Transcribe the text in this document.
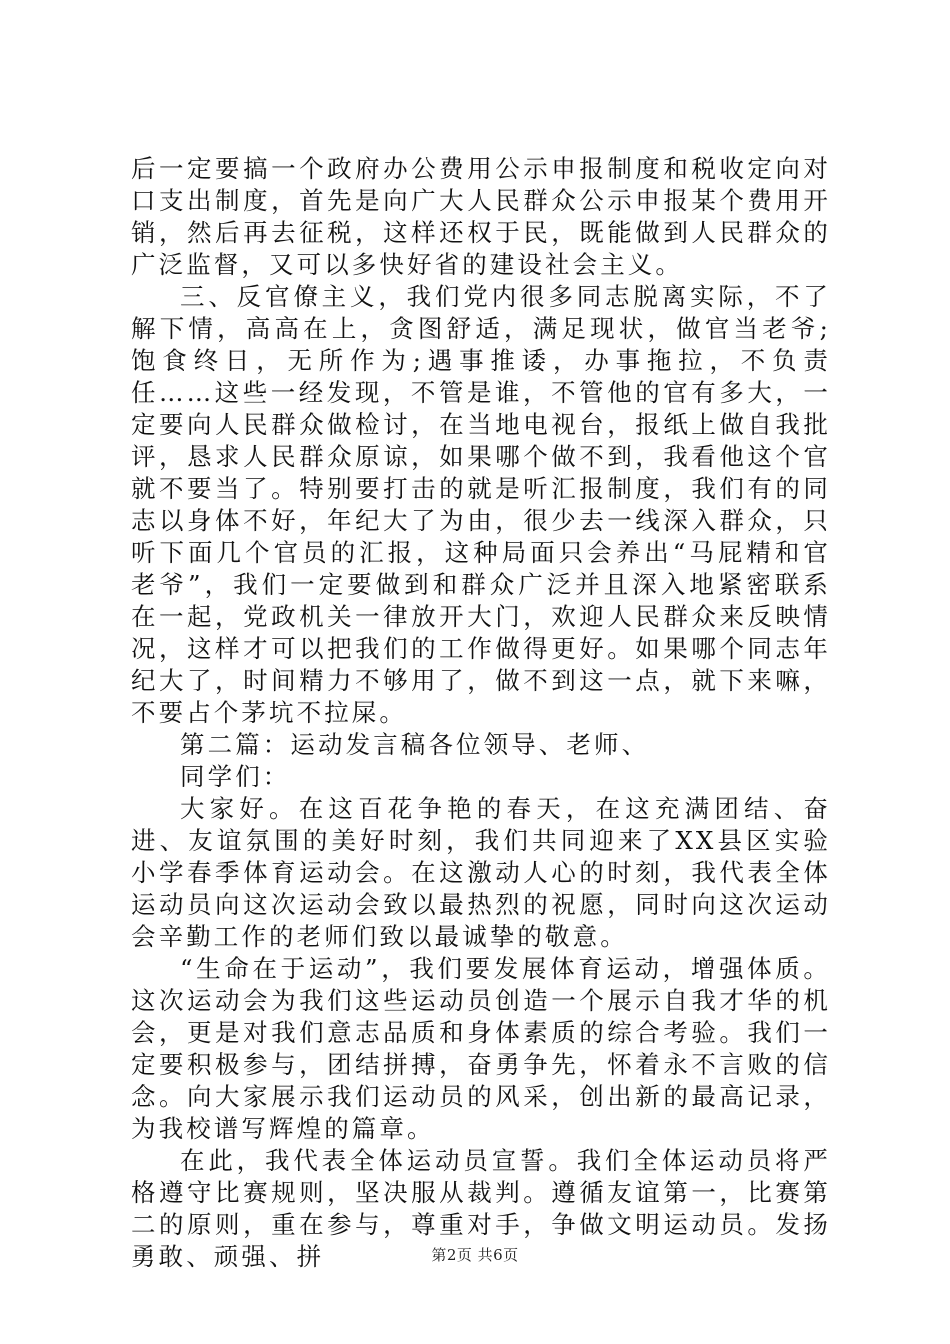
后一定要搞一个政府办公费用公示申报制度和税收定向对口支出制度，首先是向广大人民群众公示申报某个费用开销，然后再去征税，这样还权于民，既能做到人民群众的广泛监督，又可以多快好省的建设社会主义。

三、反官僚主义，我们党内很多同志脱离实际，不了解下情，高高在上，贪图舒适，满足现状，做官当老爷;饱食终日，无所作为;遇事推诿，办事拖拉，不负责任……这些一经发现，不管是谁，不管他的官有多大，一定要向人民群众做检讨，在当地电视台，报纸上做自我批评，恳求人民群众原谅，如果哪个做不到，我看他这个官就不要当了。特别要打击的就是听汇报制度，我们有的同志以身体不好，年纪大了为由，很少去一线深入群众，只听下面几个官员的汇报，这种局面只会养出“马屁精和官老爷”，我们一定要做到和群众广泛并且深入地紧密联系在一起，党政机关一律放开大门，欢迎人民群众来反映情况，这样才可以把我们的工作做得更好。如果哪个同志年纪大了，时间精力不够用了，做不到这一点，就下来嘛，不要占个茅坑不拉屎。

第二篇：运动发言稿各位领导、老师、

同学们：

大家好。在这百花争艳的春天，在这充满团结、奋进、友谊氛围的美好时刻，我们共同迎来了XX县区实验小学春季体育运动会。在这激动人心的时刻，我代表全体运动员向这次运动会致以最热烈的祝愿，同时向这次运动会辛勤工作的老师们致以最诚挚的敬意。

“生命在于运动”，我们要发展体育运动，增强体质。这次运动会为我们这些运动员创造一个展示自我才华的机会，更是对我们意志品质和身体素质的综合考验。我们一定要积极参与，团结拼搏，奋勇争先，怀着永不言败的信念。向大家展示我们运动员的风采，创出新的最高记录，为我校谱写辉煌的篇章。

在此，我代表全体运动员宣誓。我们全体运动员将严格遵守比赛规则，坚决服从裁判。遵循友谊第一，比赛第二的原则，重在参与，尊重对手，争做文明运动员。发扬勇敢、顽强、拼	第2页 共6页
